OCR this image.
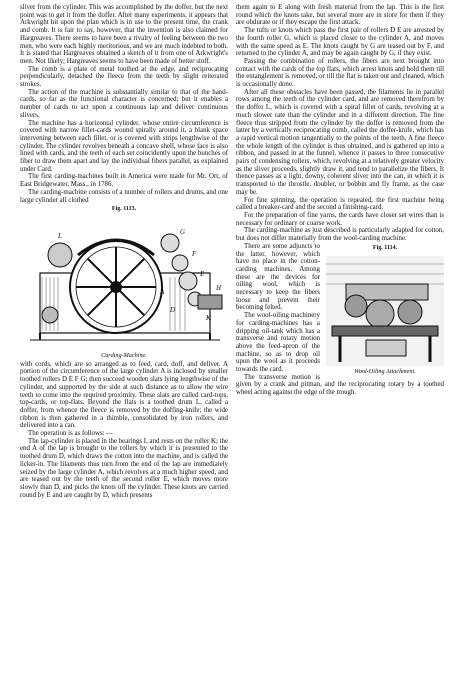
sliver from the cylinder. This was accomplished by the doffer, but the next point was to get it from the doffer. After many experiments, it appears that Arkwright hit upon the plan which is in use to the present time, the crank and comb. It is fair to say, however, that the invention is also claimed for Hargreaves. There seems to have been a rivalry of feeling between the two men, who were each highly meritorious, and we are much indebted to both. It is stated that Hargreaves obtained a sketch of it from one of Arkwright's men. Not likely; Hargreaves seems to have been made of better stuff.

The comb is a plate of metal toothed at the edge, and reciprocating perpendicularly, detached the fleece from the teeth by slight reiterated strokes.

The action of the machine is substantially similar to that of the hand-cards, so far as the functional character is concerned; but it enables a number of cards to act upon a continuous lap and deliver continuous slivers.

The machine has a horizontal cylinder, whose entire circumference is covered with narrow fillet-cards wound spirally around it, a blank space intervening between each fillet, or is covered with strips lengthwise of the cylinder. The cylinder revolves beneath a concave shell, whose face is also lined with cards, and the teeth of each set coincidently upon the bunches of fiber to draw them apart and lay the individual fibers parallel, as explained under Card.

The first carding-machines built in America were made for Mr. Orr, of East Bridgewater, Mass., in 1786.

The carding-machine consists of a number of rollers and drums, and one large cylinder all clothed

Fig. 1113.
L	G
F
E
H
A
D
K
Carding-Machine.

with cords, which are so arranged as to feed, card, doff, and deliver. A portion of the circumference of the large cylinder A is inclosed by smaller toothed rollers D E F G; then succeed wooden slats lying lengthwise of the cylinder, and supported by the side at such distance as to allow the wire teeth to come into the required proximity. These slats are called card-tops, top-cards, or top-flats. Beyond the flats is a toothed drum L, called a doffer, from whence the fleece is removed by the doffing-knife; the wide ribbon is then gathered in a thimble, consolidated by iron rollers, and delivered into a can.

The operation is as follows: —

The lap-cylinder is placed in the bearings I, and rests on the roller K; the end A of the lap is brought to the rollers by which it is presented to the toothed drum D, which draws the cotton into the machine, and is called the licker-in. The filaments thus torn from the end of the lap are immediately seized by the large cylinder A, which revolves at a much higher speed, and are teased out by the teeth of the second roller E, which moves more slowly than D, and picks the knots off the cylinder. These knots are carried round by E and are caught by D, which presents

them again to E along with fresh material from the lap. This is the first round which the knots take, but several more are in store for them if they are obdurate or if they escape the first attack.

The tufts or knots which pass the first pair of rollers D E are arrested by the fourth roller G, which is placed closer to the cylinder A, and moves with the same speed as E. The knots caught by G are teased out by F, and returned to the cylinder A, and may be again caught by G, if they exist.

Passing the combination of rollers, the fibers are next brought into contact with the cards of the top flats, which arrest knots and hold them till the entanglement is removed, or till the flat is taken out and cleaned, which is occasionally done.

After all these obstacles have been passed, the filaments lie in parallel rows among the teeth of the cylinder card, and are removed therefrom by the doffer L, which is covered with a spiral fillet of cards, revolving at a much slower rate than the cylinder and in a different direction. The fine fleece thus stripped from the cylinder by the doffer is removed from the latter by a vertically reciprocating comb, called the doffer-knife, which has a rapid vertical motion tangentially to the points of the teeth. A fine fleece the whole length of the cylinder is thus obtained, and is gathered up into a ribbon, and passed in at the funnel, whence it passes to three consecutive pairs of condensing rollers, which, revolving at a relatively greater velocity as the sliver proceeds, slightly draw it, and tend to parallelize the fibers. It thence passes as a light, downy, coherent sliver into the can, in which it is transported to the throstle, doubler, or bobbin and fly frame, as the case may be.

For fine spinning, the operation is repeated, the first machine being called a breaker-card and the second a finishing-card.

For the preparation of fine yarns, the cards have closer set wires than is necessary for ordinary or coarse work.

The carding-machine as just described is particularly adapted for cotton, but does not differ materially from the wool-carding machine.

Fig. 1114.
Wool-Oiling Attachment.

There are some adjuncts to the latter, however, which have no place in the cotton-carding machines. Among these are the devices for oiling wool, which is necessary to keep the fibers loose and prevent their becoming felted.

The wool-oiling machinery for carding-machines has a dripping oil-tank which has a transverse and rotary motion above the feed-apron of the machine, so as to drop oil upon the wool as it proceeds towards the card.

The transverse motion is given by a crank and pitman, and the reciprocating rotary by a toothed wheel acting against the edge of the trough.
